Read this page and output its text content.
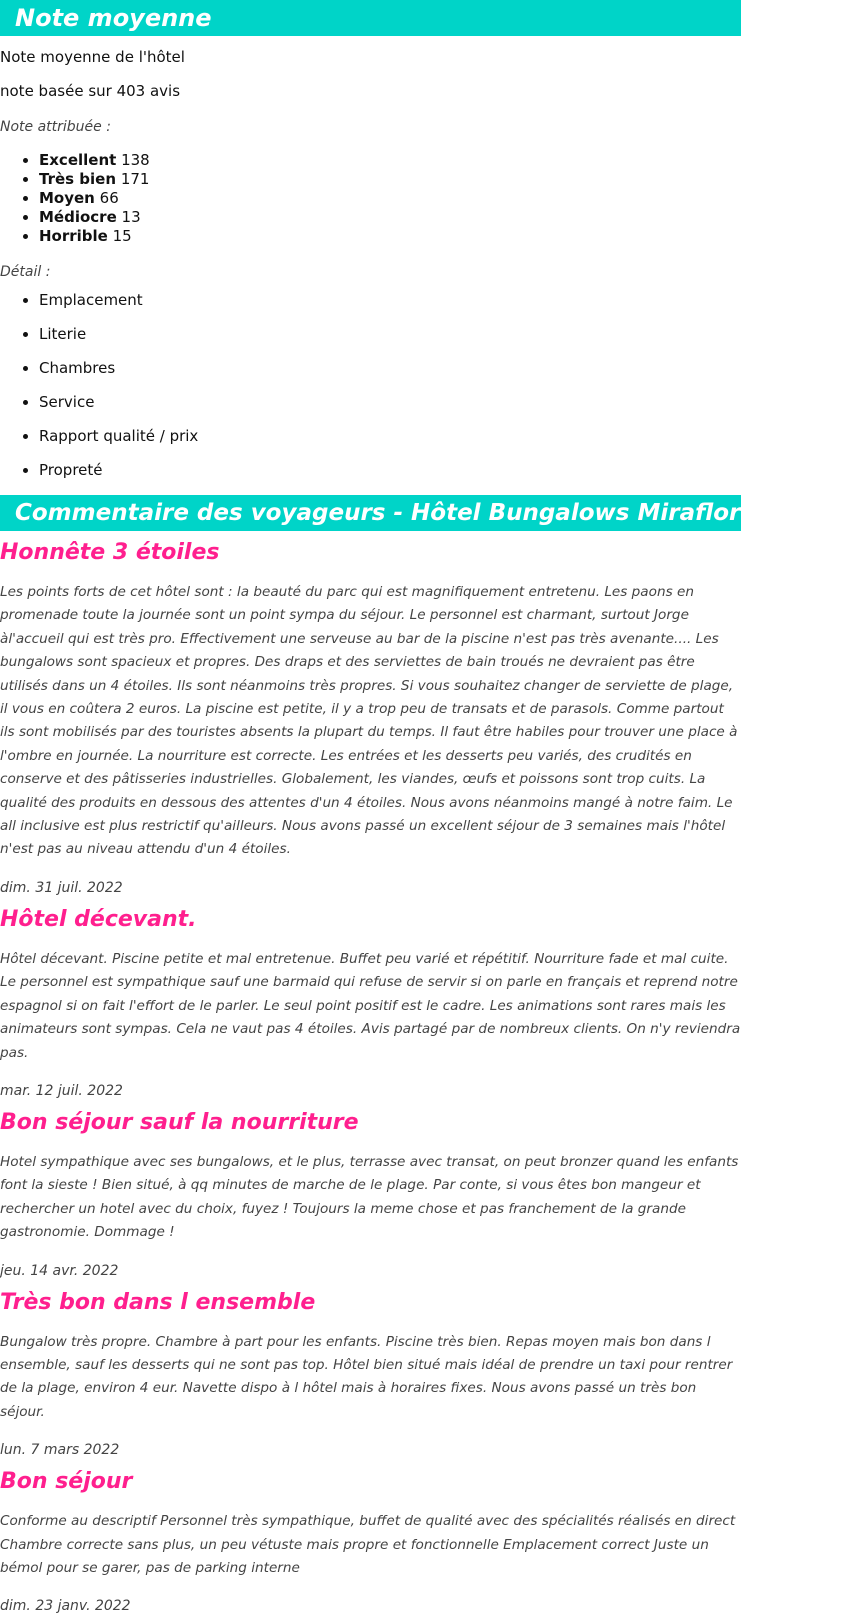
Note moyenne

Note moyenne de l'hôtel

note basée sur 403 avis

Note attribuée :

• Excellent 138
• Très bien 171
• Moyen 66
• Médiocre 13
• Horrible 15

Détail :

• Emplacement
• Literie
• Chambres
• Service
• Rapport qualité / prix
• Propreté
Commentaire des voyageurs - Hôtel Bungalows Miraflor Suites 4*
Honnête 3 étoiles

Les points forts de cet hôtel sont : la beauté du parc qui est magnifiquement entretenu. Les paons en promenade toute la journée sont un point sympa du séjour. Le personnel est charmant, surtout Jorge àl'accueil qui est très pro. Effectivement une serveuse au bar de la piscine n'est pas très avenante.... Les bungalows sont spacieux et propres. Des draps et des serviettes de bain troués ne devraient pas être utilisés dans un 4 étoiles. Ils sont néanmoins très propres. Si vous souhaitez changer de serviette de plage, il vous en coûtera 2 euros. La piscine est petite, il y a trop peu de transats et de parasols. Comme partout ils sont mobilisés par des touristes absents la plupart du temps. Il faut être habiles pour trouver une place à l'ombre en journée. La nourriture est correcte. Les entrées et les desserts peu variés, des crudités en conserve et des pâtisseries industrielles. Globalement, les viandes, œufs et poissons sont trop cuits. La qualité des produits en dessous des attentes d'un 4 étoiles. Nous avons néanmoins mangé à notre faim. Le all inclusive est plus restrictif qu'ailleurs. Nous avons passé un excellent séjour de 3 semaines mais l'hôtel n'est pas au niveau attendu d'un 4 étoiles.

dim. 31 juil. 2022

Hôtel décevant.

Hôtel décevant. Piscine petite et mal entretenue. Buffet peu varié et répétitif. Nourriture fade et mal cuite. Le personnel est sympathique sauf une barmaid qui refuse de servir si on parle en français et reprend notre espagnol si on fait l'effort de le parler. Le seul point positif est le cadre. Les animations sont rares mais les animateurs sont sympas. Cela ne vaut pas 4 étoiles. Avis partagé par de nombreux clients. On n'y reviendra pas.

mar. 12 juil. 2022

Bon séjour sauf la nourriture

Hotel sympathique avec ses bungalows, et le plus, terrasse avec transat, on peut bronzer quand les enfants font la sieste ! Bien situé, à qq minutes de marche de le plage. Par conte, si vous êtes bon mangeur et rechercher un hotel avec du choix, fuyez ! Toujours la meme chose et pas franchement de la grande gastronomie. Dommage !

jeu. 14 avr. 2022

Très bon dans l ensemble

Bungalow très propre. Chambre à part pour les enfants. Piscine très bien. Repas moyen mais bon dans l ensemble, sauf les desserts qui ne sont pas top. Hôtel bien situé mais idéal de prendre un taxi pour rentrer de la plage, environ 4 eur. Navette dispo à l hôtel mais à horaires fixes. Nous avons passé un très bon séjour.

lun. 7 mars 2022

Bon séjour

Conforme au descriptif Personnel très sympathique, buffet de qualité avec des spécialités réalisés en direct Chambre correcte sans plus, un peu vétuste mais propre et fonctionnelle Emplacement correct Juste un bémol pour se garer, pas de parking interne

dim. 23 janv. 2022
